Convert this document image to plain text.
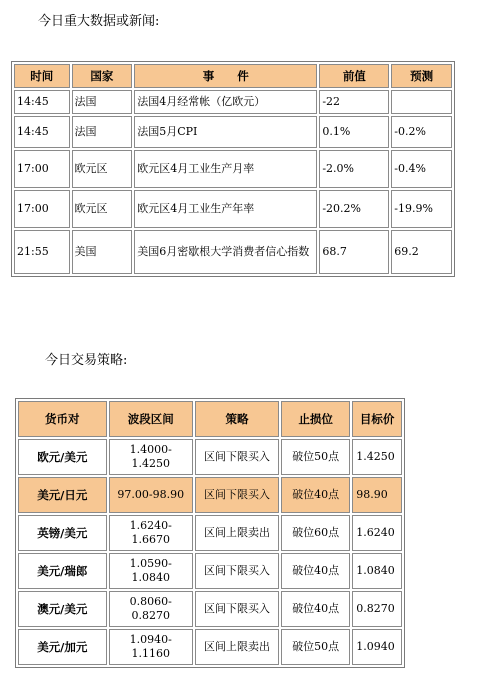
今日重大数据或新闻:
时间	国家	事　　件	前值	预测
14:45	法国	法国4月经常帐（亿欧元）	-22	
14:45	法国	法国5月CPI	0.1%	-0.2%
17:00	欧元区	欧元区4月工业生产月率	-2.0%	-0.4%
17:00	欧元区	欧元区4月工业生产年率	-20.2%	-19.9%
21:55	美国	美国6月密歇根大学消费者信心指数	68.7	69.2
今日交易策略:
货币对	波段区间	策略	止损位	目标价
欧元/美元	1.4000-1.4250	区间下限买入	破位50点	1.4250
美元/日元	97.00-98.90	区间下限买入	破位40点	98.90
英镑/美元	1.6240-1.6670	区间上限卖出	破位60点	1.6240
美元/瑞郎	1.0590-1.0840	区间下限买入	破位40点	1.0840
澳元/美元	0.8060-0.8270	区间下限买入	破位40点	0.8270
美元/加元	1.0940-1.1160	区间上限卖出	破位50点	1.0940
